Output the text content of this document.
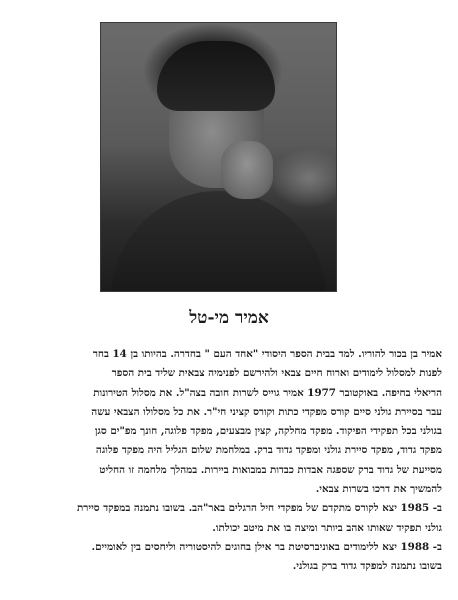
אמיר מי-טל
אמיר בן בכור להוריו. למד בבית הספר היסודי "אחד העם " בחדרה. בהיותו בן 14 בחר
לפנות למסלול לימודים וארוח חיים צבאי ולהירשם לפנימיה צבאית שליד בית הספר
הריאלי בחיפה. באוקטובר 1977 אמיר גוייס לשרות חובה בצה"ל. את מסלול הטירונות
עבר בסיירת גולני סיים קורס מפקדי כתות וקורס קציני חי"ר. את כל מסלולו הצבאי עשה
בגולני בכל תפקידי הפיקוד. מפקד מחלקה, קצין מבצעים, מפקד פלוגה, חונך מפ"ים סגן
מפקד גדוד, מפקד סיירת גולני ומפקד גדוד ברק. במלחמת שלום הגליל היה מפקד פלוגה
מסייעת של גדוד ברק שספגה אבדות כבדות במבואות ביירות. במהלך מלחמה זו החליט
להמשיך את דרכו בשרות צבאי.
ב- 1985 יצא לקורס מתקדם של מפקדי חיל הרגלים באר"הב. בשובו נתמנה במפקד סיירת
גולני תפקיד שאותו אהב ביותר ומיצה בו את מיטב יכולתו.
ב- 1988 יצא ללימודים באוניברסיטת בר אילן בחוגים להיסטוריה וליחסים בין לאומיים.
בשובו נתמנה למפקד גדוד ברק בגולני.
